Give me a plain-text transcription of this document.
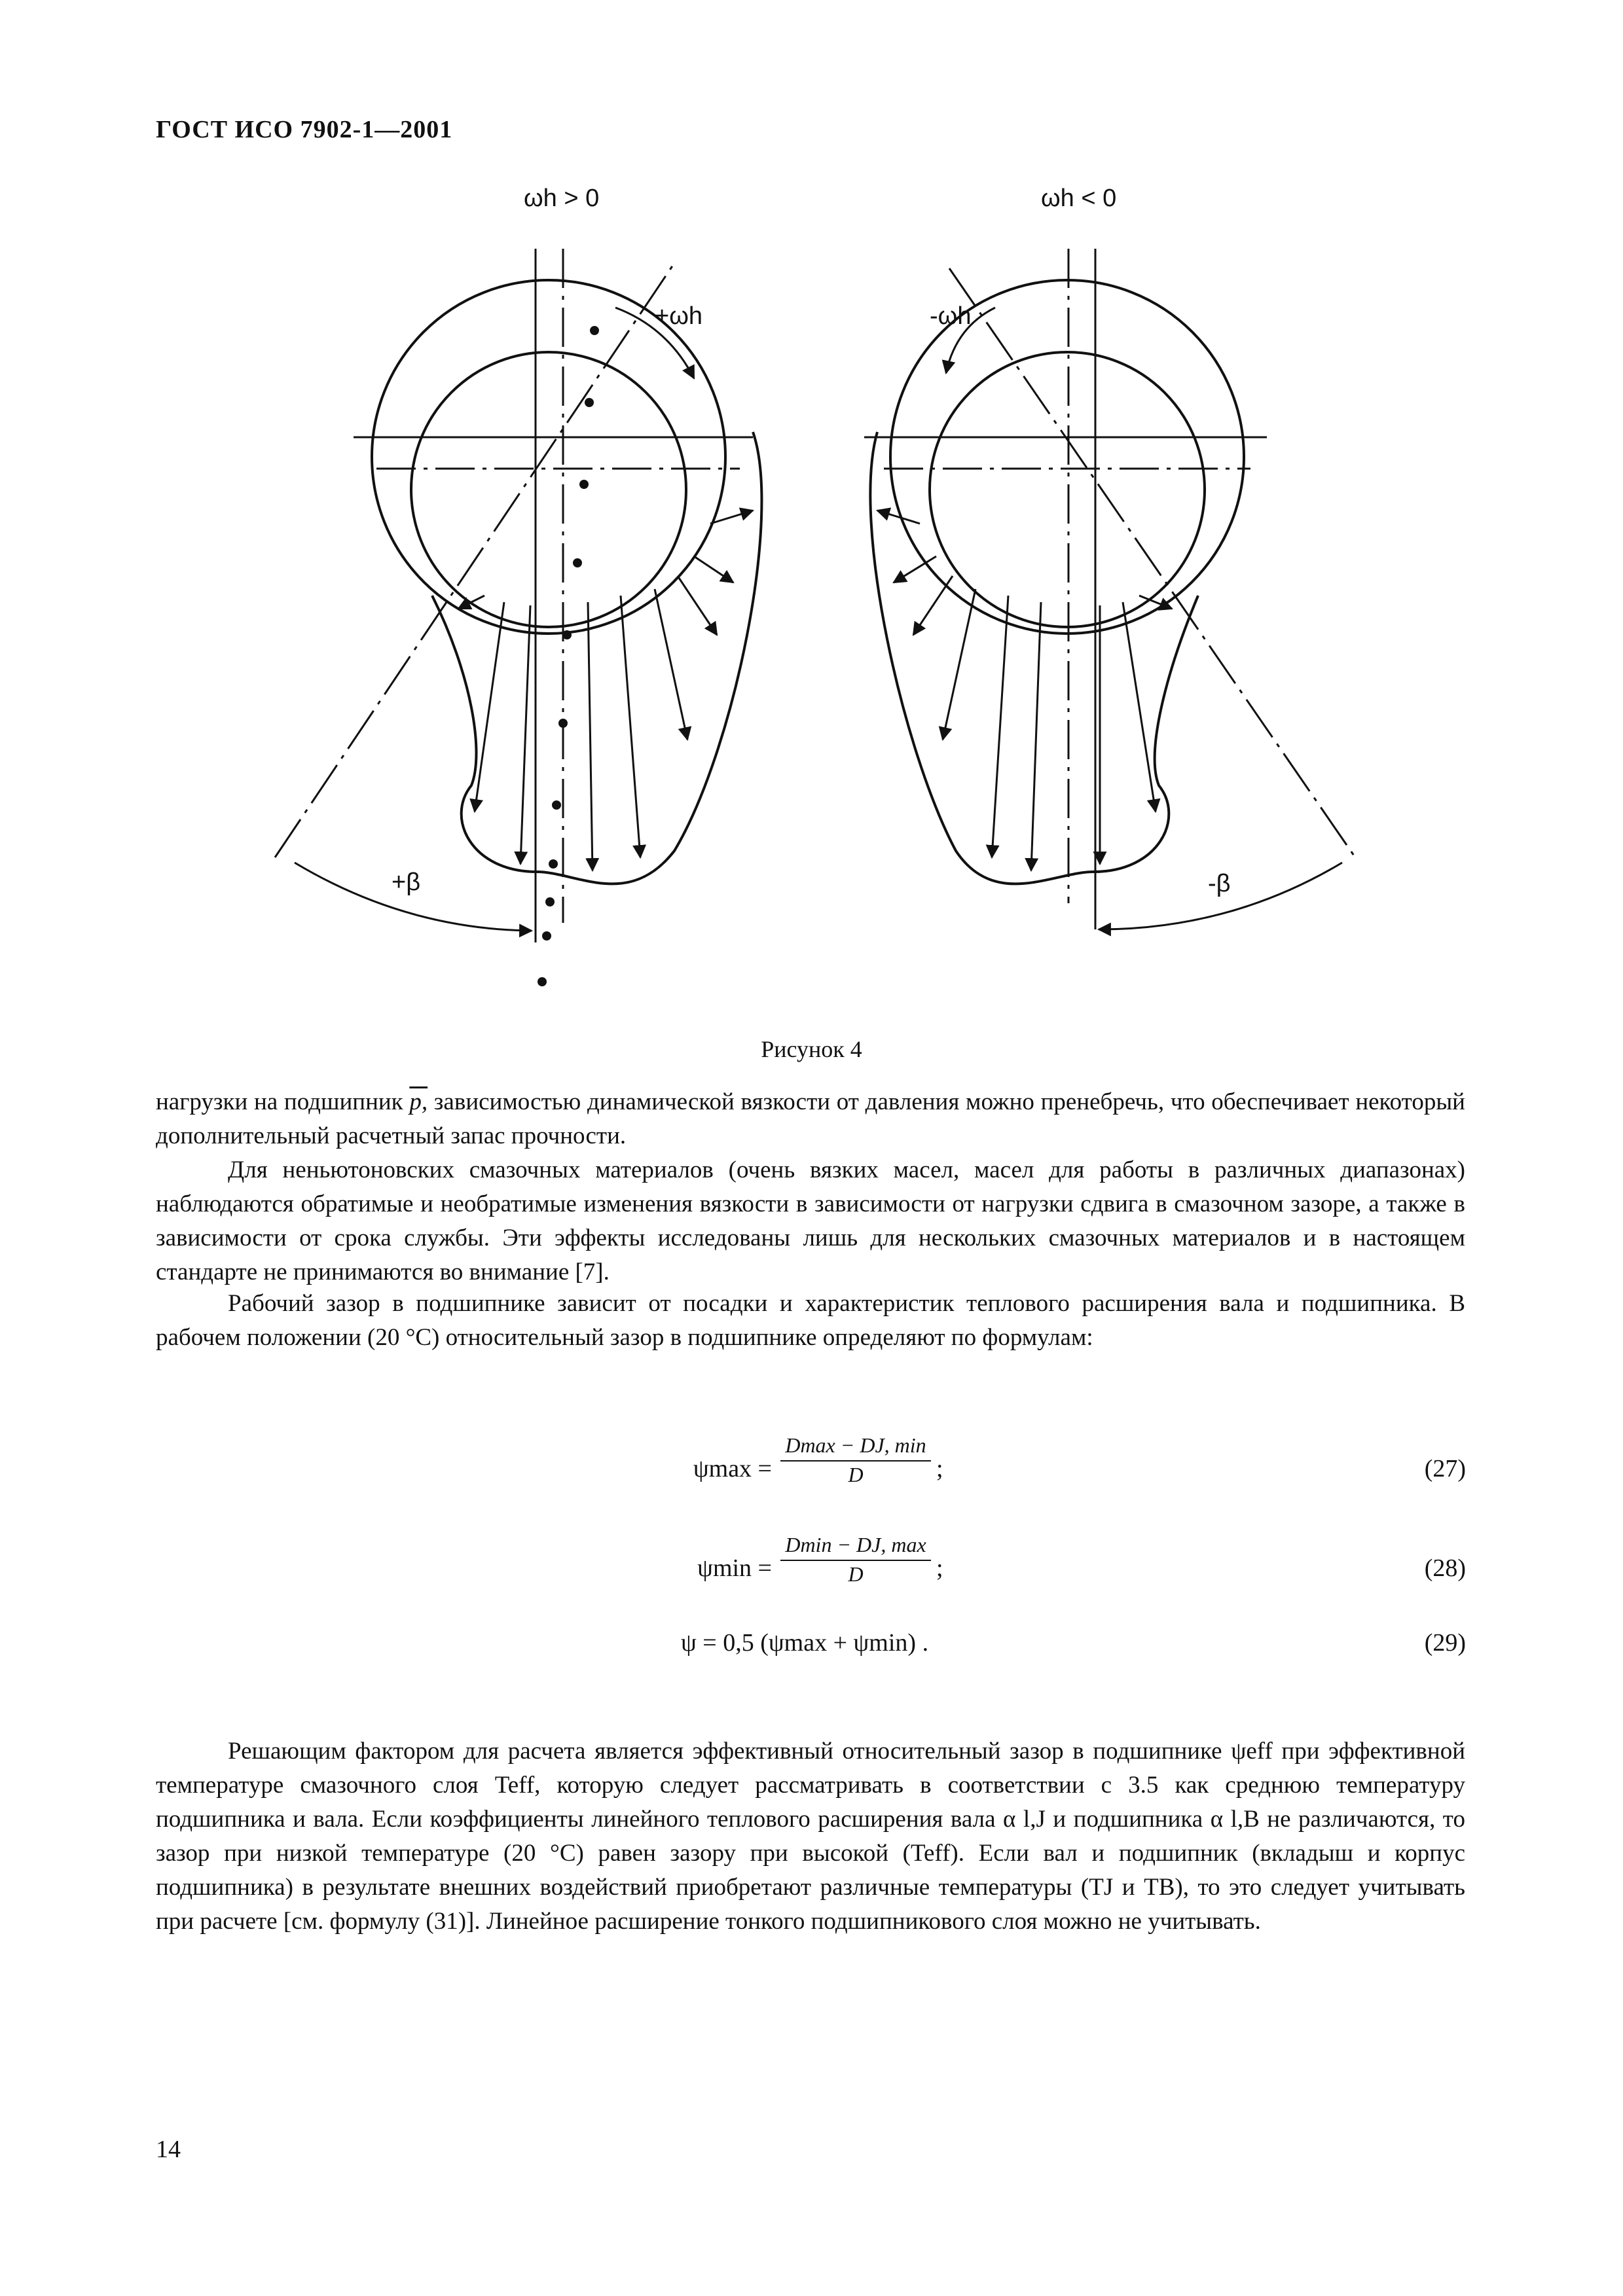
ГОСТ ИСО 7902-1—2001
ωh > 0
+ωh
+β
ωh < 0
-ωh
-β
Рисунок 4
нагрузки на подшипник p, зависимостью динамической вязкости от давления можно пренебречь, что обеспечивает некоторый дополнительный расчетный запас прочности.
Для неньютоновских смазочных материалов (очень вязких масел, масел для работы в различных диапазонах) наблюдаются обратимые и необратимые изменения вязкости в зависимости от нагрузки сдвига в смазочном зазоре, а также в зависимости от срока службы. Эти эффекты исследованы лишь для нескольких смазочных материалов и в настоящем стандарте не принимаются во внимание [7].
Рабочий зазор в подшипнике зависит от посадки и характеристик теплового расширения вала и подшипника. В рабочем положении (20 °C) относительный зазор в подшипнике определяют по формулам:
ψmax =
Dmax − DJ, min
D	;	(27)
ψmin =
Dmin − DJ, max
D	;	(28)
ψ = 0,5 (ψmax + ψmin) .	(29)
Решающим фактором для расчета является эффективный относительный зазор в подшипнике ψeff при эффективной температуре смазочного слоя Teff, которую следует рассматривать в соответствии с 3.5 как среднюю температуру подшипника и вала. Если коэффициенты линейного теплового расширения вала α l,J и подшипника α l,B не различаются, то зазор при низкой температуре (20 °C) равен зазору при высокой (Teff). Если вал и подшипник (вкладыш и корпус подшипника) в результате внешних воздействий приобретают различные температуры (TJ и TB), то это следует учитывать при расчете [см. формулу (31)]. Линейное расширение тонкого подшипникового слоя можно не учитывать.
14
